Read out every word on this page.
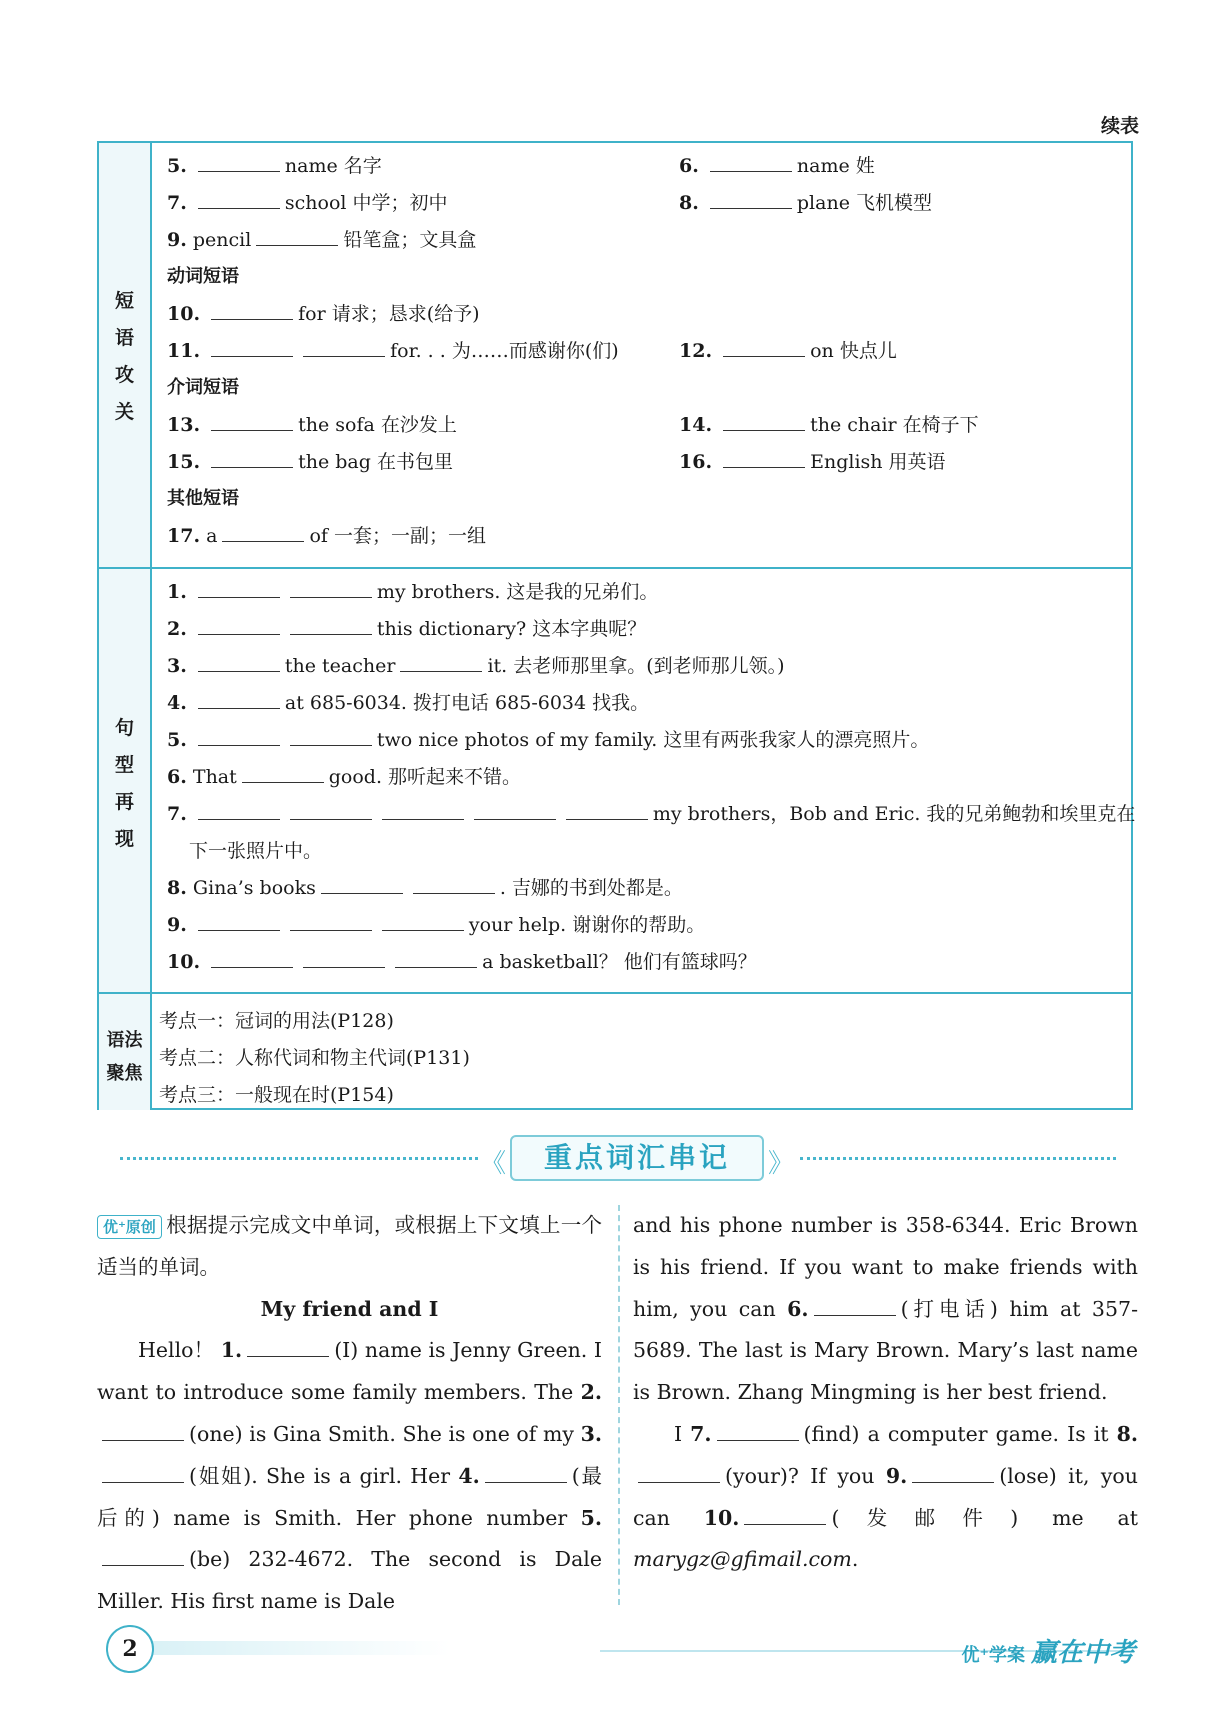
续表
短
语
攻
关
5.	name 名字	6.	name 姓
7.	school 中学；初中	8.	plane 飞机模型
9. pencil	铅笔盒；文具盒
动词短语
10.	for 请求；恳求(给予)
11.	for. . . 为……而感谢你(们)	12.	on 快点儿
介词短语
13.	the sofa 在沙发上	14.	the chair 在椅子下
15.	the bag 在书包里	16.	English 用英语
其他短语
17. a	of 一套；一副；一组
句
型
再
现
1.	my brothers. 这是我的兄弟们。
2.	this dictionary? 这本字典呢？
3.	the teacher	it. 去老师那里拿。(到老师那儿领。)
4.	at 685-6034. 拨打电话 685-6034 找我。
5.	two nice photos of my family. 这里有两张我家人的漂亮照片。
6. That	good. 那听起来不错。
7.	my brothers，Bob and Eric. 我的兄弟鲍勃和埃里克在
下一张照片中。
8. Gina’s books	. 吉娜的书到处都是。
9.	your help. 谢谢你的帮助。
10.	a basketball？ 他们有篮球吗？
语法
聚焦
考点一：冠词的用法(P128)
考点二：人称代词和物主代词(P131)
考点三：一般现在时(P154)
《	重点词汇串记	》

优⁺原创 根据提示完成文中单词，或根据上下文填上一个适当的单词。

My friend and I

Hello！ 1.	(I) name is Jenny Green. I want to introduce some family members. The 2.(one) is Gina Smith. She is one of my 3.(姐姐). She is a girl. Her 4.	(最后的) name is Smith. Her phone number 5.(be) 232-4672. The second is Dale Miller. His first name is Dale

and his phone number is 358-6344. Eric Brown is his friend. If you want to make friends with him, you can 6.	(打电话) him at 357-5689. The last is Mary Brown. Mary’s last name is Brown. Zhang Mingming is her best friend.

I 7.	(find) a computer game. Is it 8.(your)? If you 9.	(lose) it, you can 10.	(发邮件) me at marygz@gfimail.com.

2	优⁺学案 赢在中考
